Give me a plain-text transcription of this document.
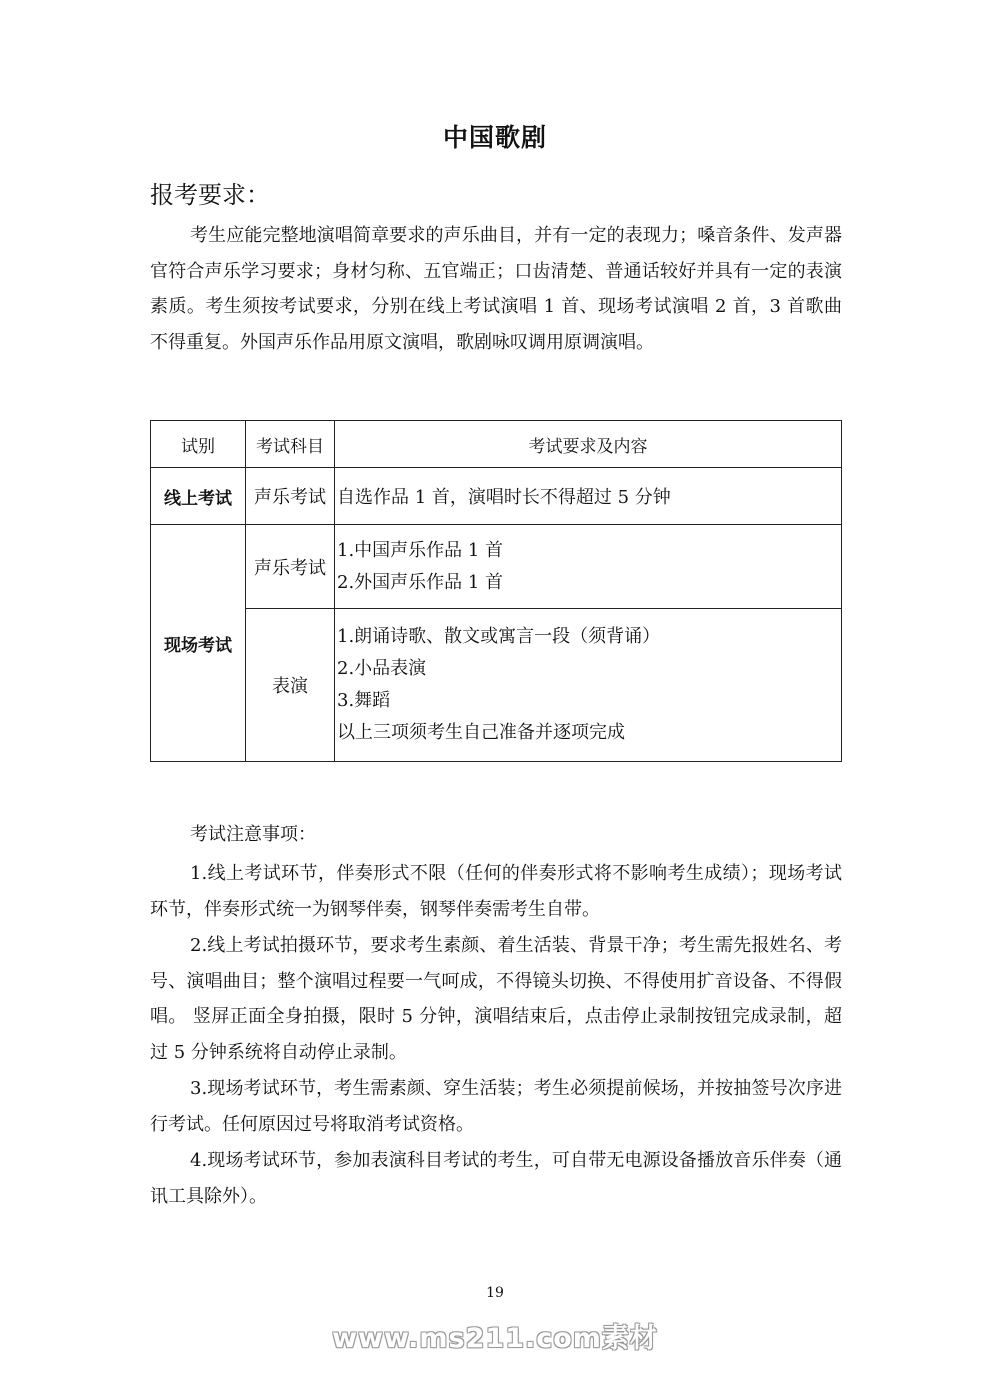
中国歌剧
报考要求：

考生应能完整地演唱简章要求的声乐曲目，并有一定的表现力；嗓音条件、发声器官符合声乐学习要求；身材匀称、五官端正；口齿清楚、普通话较好并具有一定的表演素质。考生须按考试要求，分别在线上考试演唱 1 首、现场考试演唱 2 首，3 首歌曲不得重复。外国声乐作品用原文演唱，歌剧咏叹调用原调演唱。

试别	考试科目	考试要求及内容
线上考试	声乐考试	自选作品 1 首，演唱时长不得超过 5 分钟
现场考试	声乐考试	1.中国声乐作品 1 首
2.外国声乐作品 1 首

	表演	1.朗诵诗歌、散文或寓言一段（须背诵）
2.小品表演
3.舞蹈
以上三项须考生自己准备并逐项完成
考试注意事项：

1.线上考试环节，伴奏形式不限（任何的伴奏形式将不影响考生成绩）；现场考试环节，伴奏形式统一为钢琴伴奏，钢琴伴奏需考生自带。

2.线上考试拍摄环节，要求考生素颜、着生活装、背景干净；考生需先报姓名、考号、演唱曲目；整个演唱过程要一气呵成，不得镜头切换、不得使用扩音设备、不得假唱。 竖屏正面全身拍摄，限时 5 分钟，演唱结束后，点击停止录制按钮完成录制，超过 5 分钟系统将自动停止录制。

3.现场考试环节，考生需素颜、穿生活装；考生必须提前候场，并按抽签号次序进行考试。任何原因过号将取消考试资格。

4.现场考试环节，参加表演科目考试的考生，可自带无电源设备播放音乐伴奏（通讯工具除外）。

19
www.ms211.com素材
